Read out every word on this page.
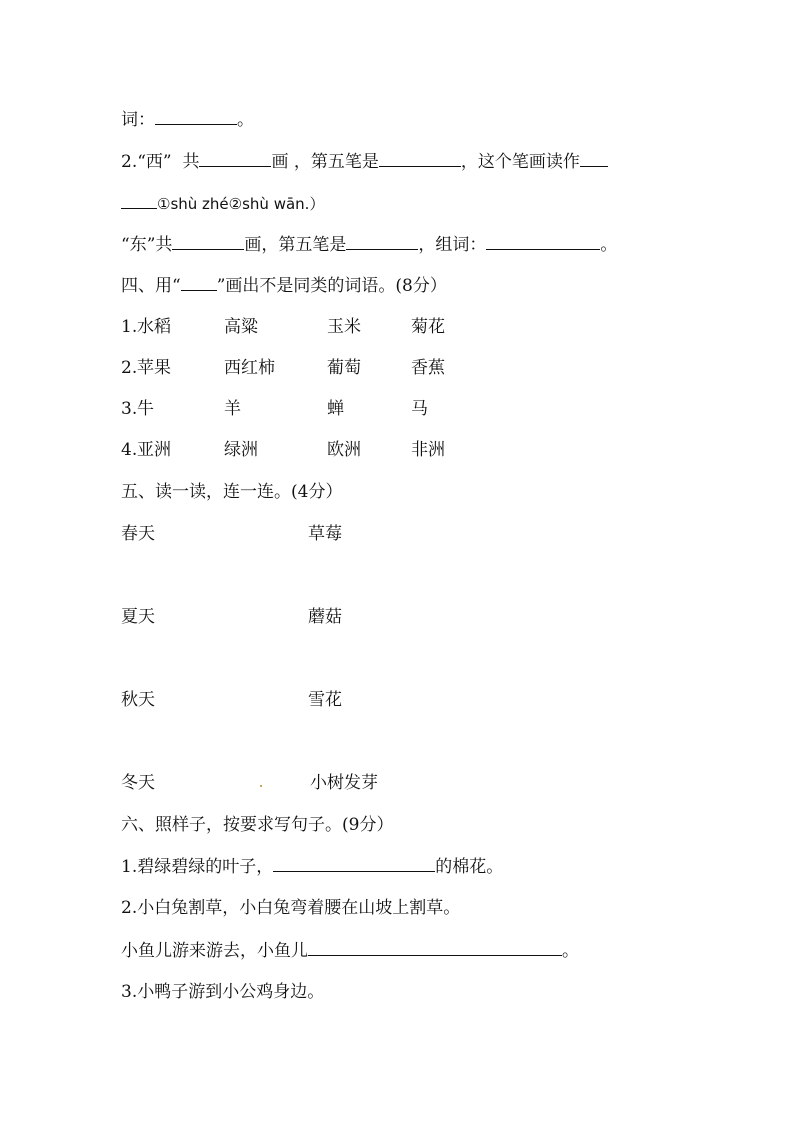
词：	。
2.“西” 共	画 ，第五笔是	，这个笔画读作
①shù zhé②shù wān.）
“东”共	画，第五笔是	，组词：	。
四、用“ ”画出不是同类的词语。(8分）
1. 水稻	高粱	玉米	菊花
2. 苹果	西红柿	葡萄	香蕉
3. 牛	羊	蝉	马
4. 亚洲	绿洲	欧洲	非洲
五、读一读，连一连。(4分）
春天	草莓
夏天	蘑菇
秋天	雪花
冬天	小树发芽
六、照样子，按要求写句子。(9分）
1.碧绿碧绿的叶子，	的棉花。
2.小白兔割草，小白兔弯着腰在山坡上割草。
小鱼儿游来游去，小鱼儿	。
3.小鸭子游到小公鸡身边。
